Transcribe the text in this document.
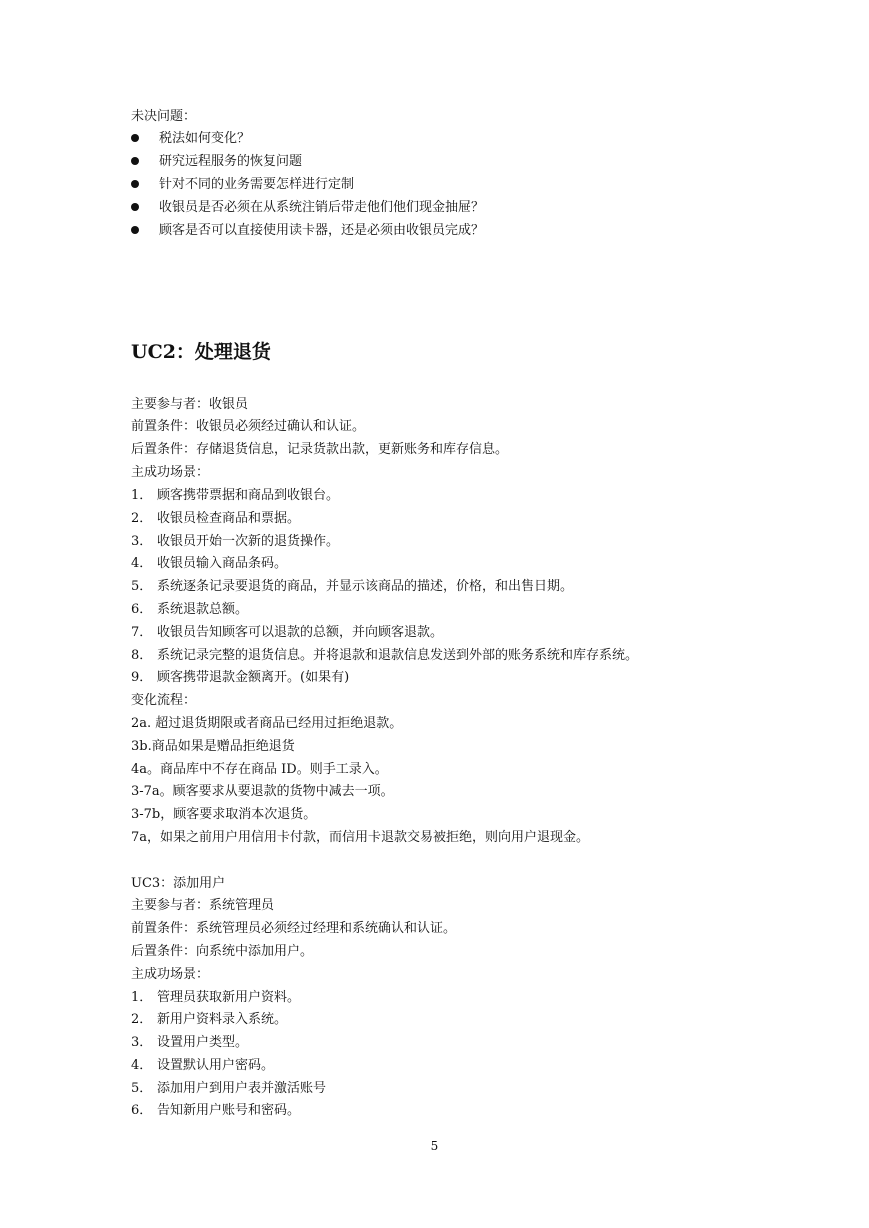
未决问题：
税法如何变化？
研究远程服务的恢复问题
针对不同的业务需要怎样进行定制
收银员是否必须在从系统注销后带走他们他们现金抽屉？
顾客是否可以直接使用读卡器，还是必须由收银员完成？
UC2：处理退货
主要参与者：收银员
前置条件：收银员必须经过确认和认证。
后置条件：存储退货信息，记录货款出款，更新账务和库存信息。
主成功场景：
1． 顾客携带票据和商品到收银台。
2． 收银员检查商品和票据。
3． 收银员开始一次新的退货操作。
4． 收银员输入商品条码。
5． 系统逐条记录要退货的商品，并显示该商品的描述，价格，和出售日期。
6． 系统退款总额。
7． 收银员告知顾客可以退款的总额，并向顾客退款。
8． 系统记录完整的退货信息。并将退款和退款信息发送到外部的账务系统和库存系统。
9． 顾客携带退款金额离开。(如果有)
变化流程：
2a. 超过退货期限或者商品已经用过拒绝退款。
3b.商品如果是赠品拒绝退货
4a。商品库中不存在商品 ID。则手工录入。
3-7a。顾客要求从要退款的货物中减去一项。
3-7b，顾客要求取消本次退货。
7a，如果之前用户用信用卡付款，而信用卡退款交易被拒绝，则向用户退现金。
UC3：添加用户
主要参与者：系统管理员
前置条件：系统管理员必须经过经理和系统确认和认证。
后置条件：向系统中添加用户。
主成功场景：
1． 管理员获取新用户资料。
2． 新用户资料录入系统。
3． 设置用户类型。
4． 设置默认用户密码。
5． 添加用户到用户表并激活账号
6． 告知新用户账号和密码。
5
